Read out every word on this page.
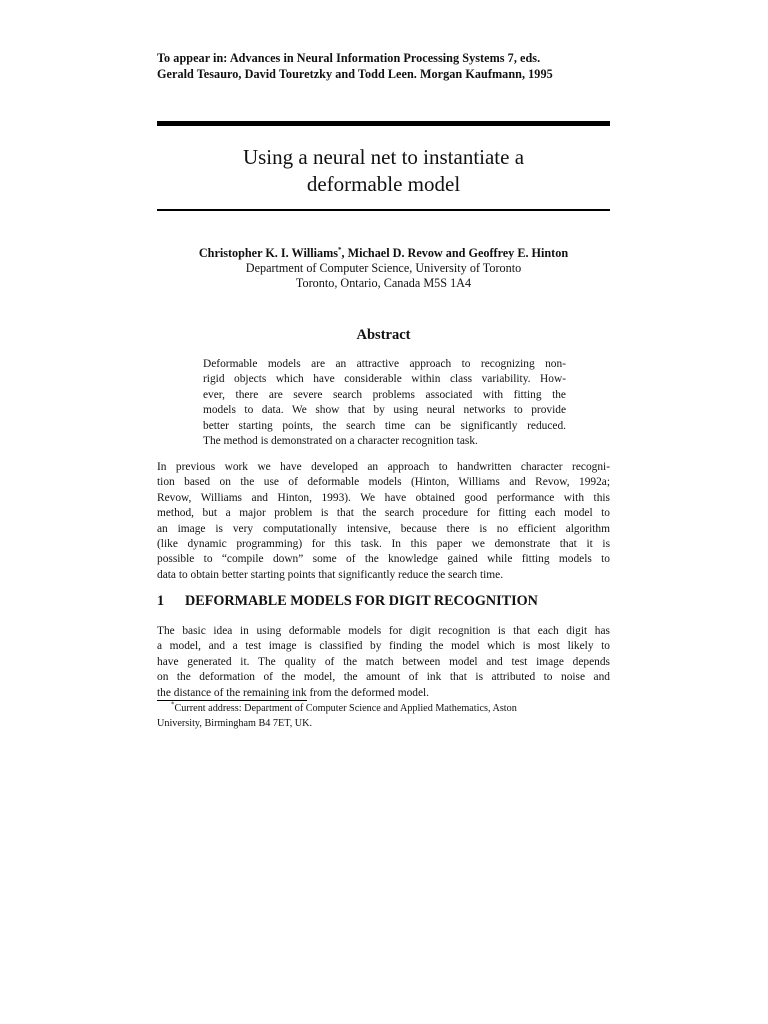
To appear in: Advances in Neural Information Processing Systems 7, eds.
Gerald Tesauro, David Touretzky and Todd Leen. Morgan Kaufmann, 1995
Using a neural net to instantiate a
deformable model
Christopher K. I. Williams*, Michael D. Revow and Geoffrey E. Hinton
Department of Computer Science, University of Toronto
Toronto, Ontario, Canada M5S 1A4
Abstract
Deformable models are an attractive approach to recognizing non-
rigid objects which have considerable within class variability. How-
ever, there are severe search problems associated with fitting the
models to data. We show that by using neural networks to provide
better starting points, the search time can be significantly reduced.
The method is demonstrated on a character recognition task.
In previous work we have developed an approach to handwritten character recogni-
tion based on the use of deformable models (Hinton, Williams and Revow, 1992a;
Revow, Williams and Hinton, 1993). We have obtained good performance with this
method, but a major problem is that the search procedure for fitting each model to
an image is very computationally intensive, because there is no efficient algorithm
(like dynamic programming) for this task. In this paper we demonstrate that it is
possible to “compile down” some of the knowledge gained while fitting models to
data to obtain better starting points that significantly reduce the search time.
1 DEFORMABLE MODELS FOR DIGIT RECOGNITION
The basic idea in using deformable models for digit recognition is that each digit has
a model, and a test image is classified by finding the model which is most likely to
have generated it. The quality of the match between model and test image depends
on the deformation of the model, the amount of ink that is attributed to noise and
the distance of the remaining ink from the deformed model.
*Current address: Department of Computer Science and Applied Mathematics, Aston
University, Birmingham B4 7ET, UK.
